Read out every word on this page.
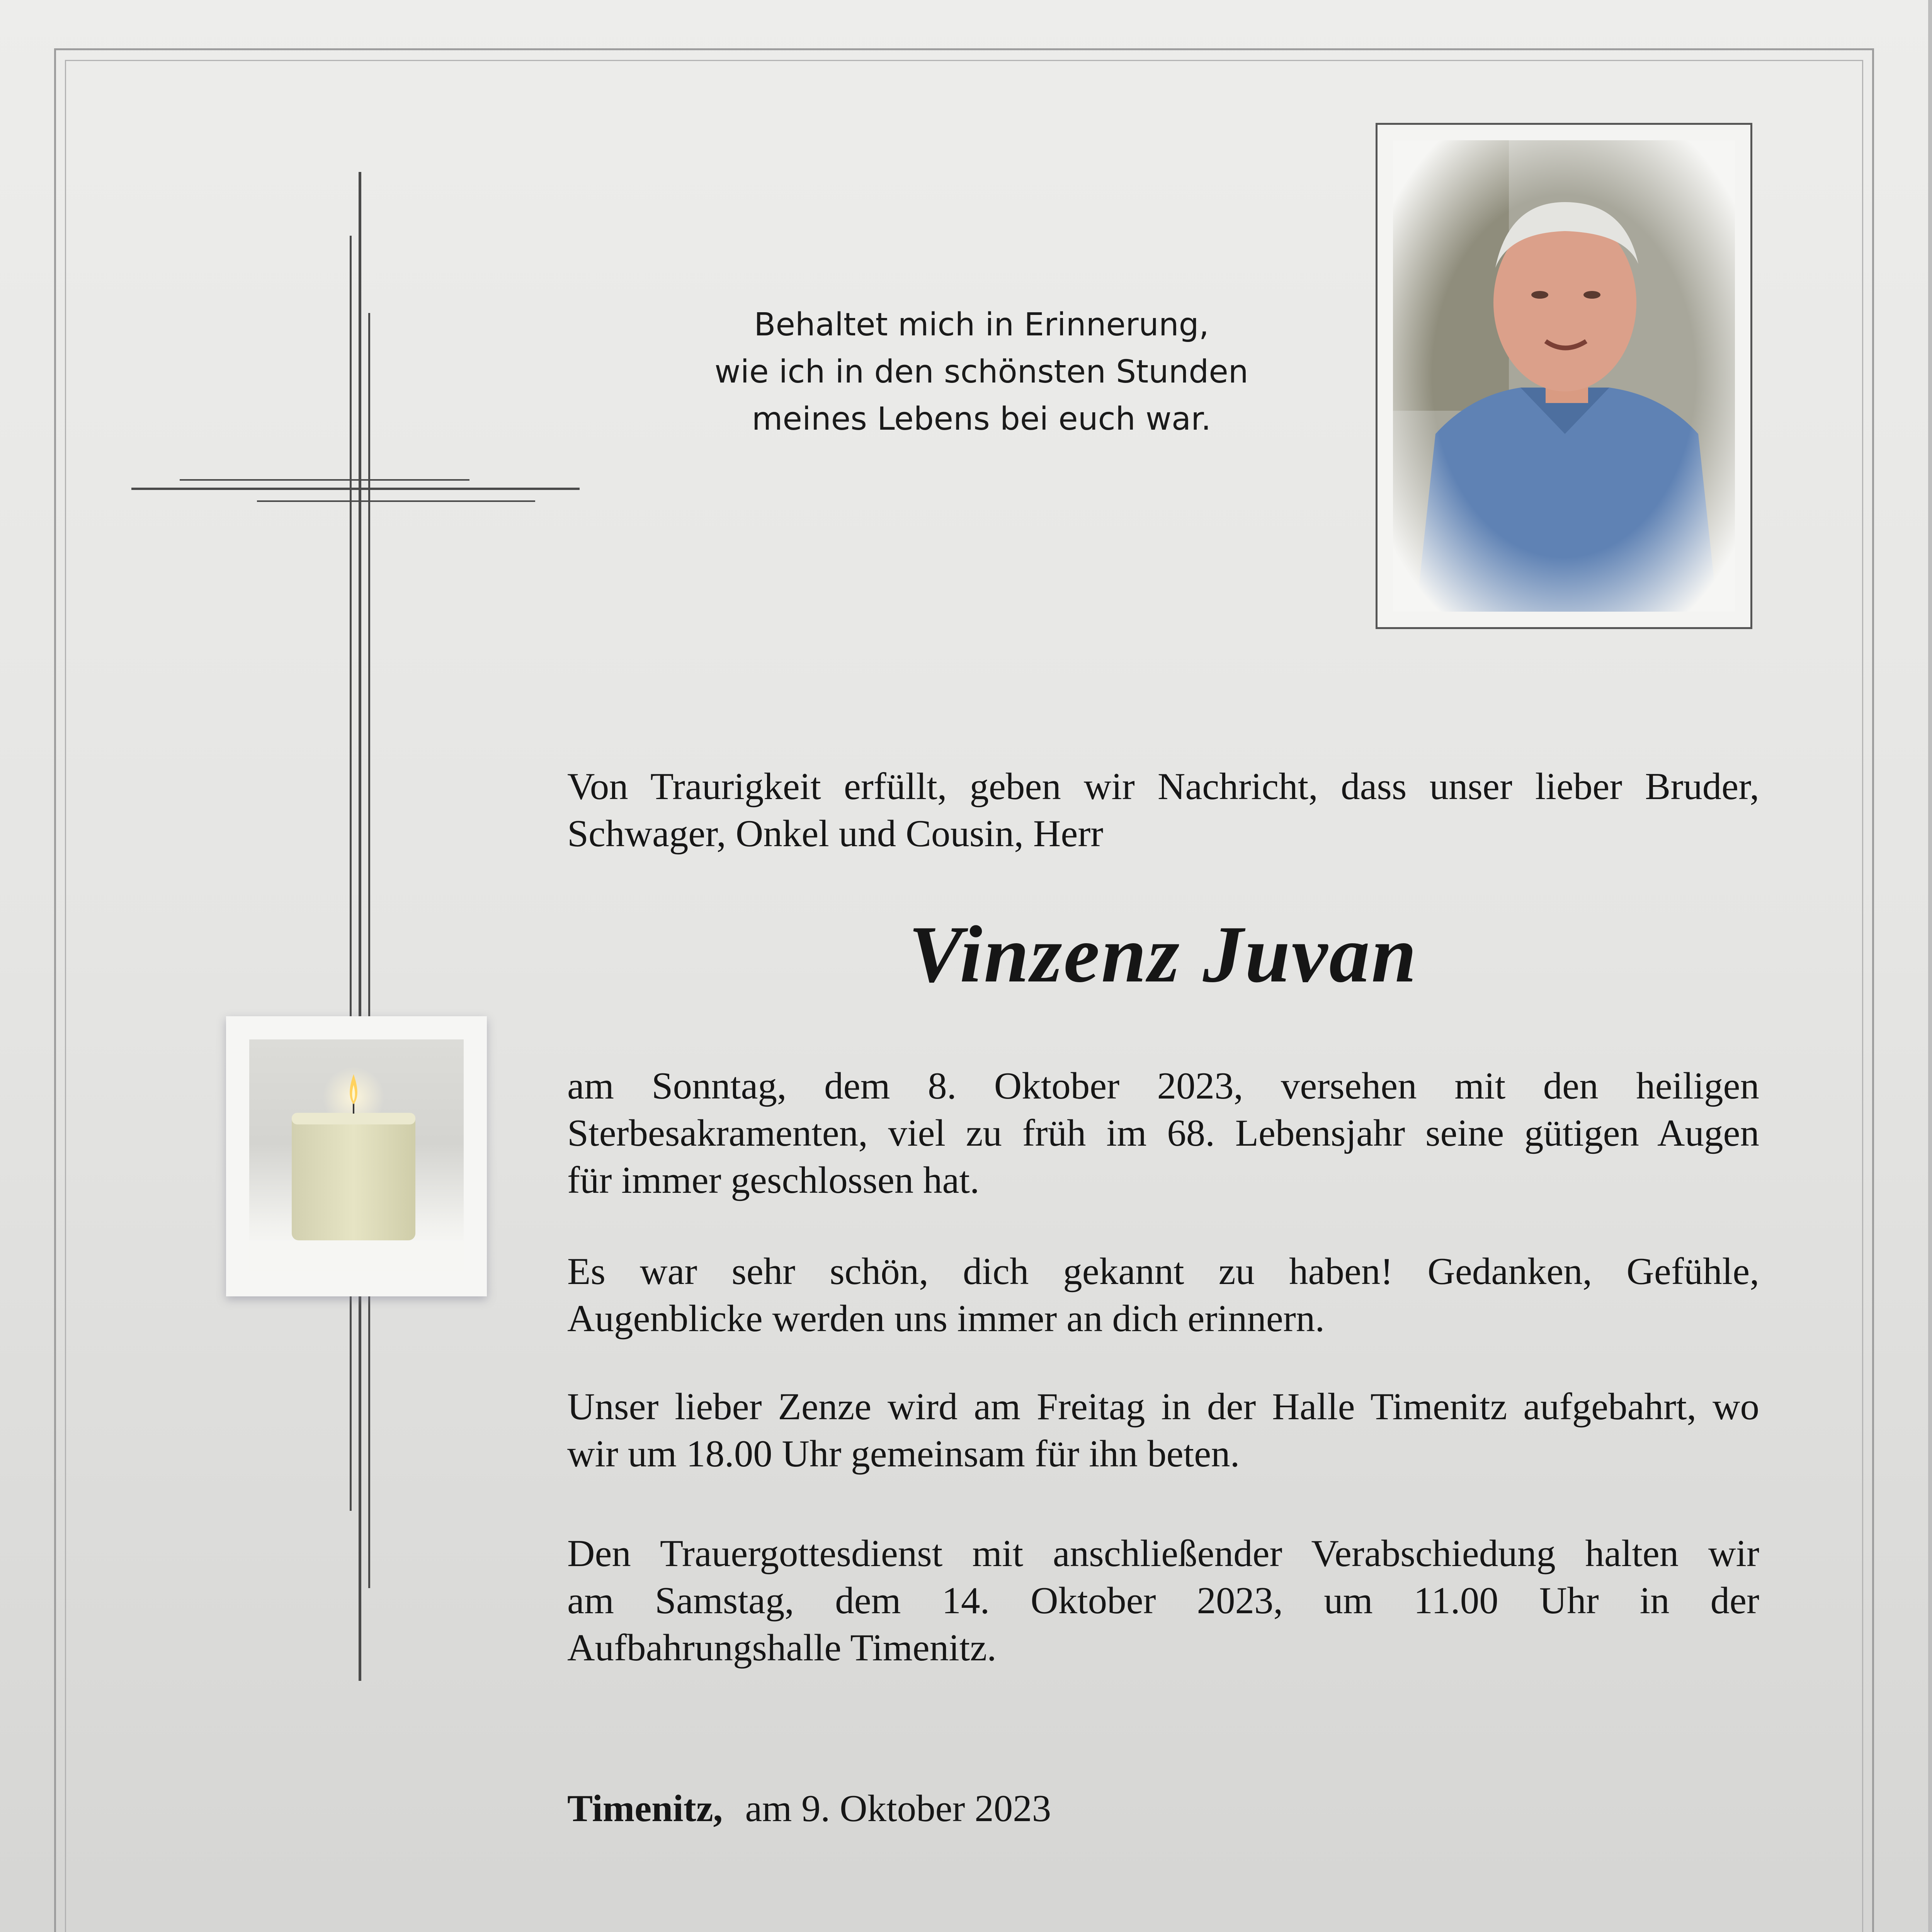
Behaltet mich in Erinnerung,
wie ich in den schönsten Stunden
meines Lebens bei euch war.
Von Traurigkeit erfüllt, geben wir Nachricht, dass unser lieber Bruder,
Schwager, Onkel und Cousin, Herr
Vinzenz Juvan
am Sonntag, dem 8. Oktober 2023, versehen mit den heiligen
Sterbesakramenten, viel zu früh im 68. Lebensjahr seine gütigen Augen
für immer geschlossen hat.
Es war sehr schön, dich gekannt zu haben! Gedanken, Gefühle,
Augenblicke werden uns immer an dich erinnern.
Unser lieber Zenze wird am Freitag in der Halle Timenitz aufgebahrt, wo
wir um 18.00 Uhr gemeinsam für ihn beten.
Den Trauergottesdienst mit anschließender Verabschiedung halten wir
am Samstag, dem 14. Oktober 2023, um 11.00 Uhr in der
Aufbahrungshalle Timenitz.
Timenitz, am 9. Oktober 2023
